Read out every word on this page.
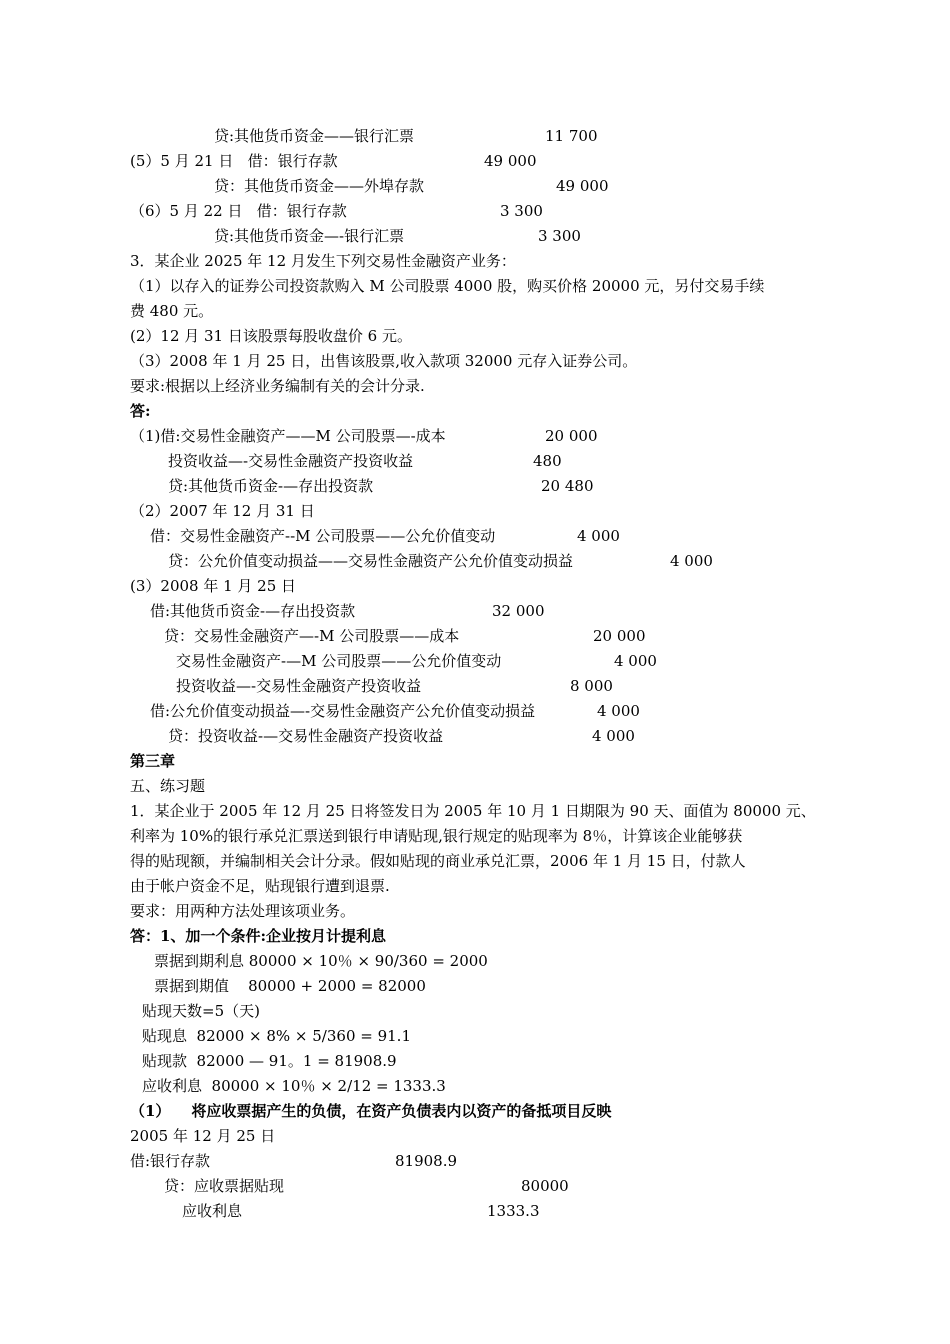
贷:其他货币资金——银行汇票	11 700
(5）5 月 21 日   借：银行存款	49 000
贷：其他货币资金——外埠存款	49 000
（6）5 月 22 日   借：银行存款	3 300
贷:其他货币资金—-银行汇票	3 300
3．某企业 2025 年 12 月发生下列交易性金融资产业务：
（1）以存入的证券公司投资款购入 M 公司股票 4000 股，购买价格 20000 元，另付交易手续
费 480 元。
(2）12 月 31 日该股票每股收盘价 6 元。
（3）2008 年 1 月 25 日，出售该股票,收入款项 32000 元存入证券公司。
要求:根据以上经济业务编制有关的会计分录.
答:
（1)借:交易性金融资产——M 公司股票—-成本	20 000
投资收益—-交易性金融资产投资收益	480
贷:其他货币资金-—存出投资款	20 480
（2）2007 年 12 月 31 日
借：交易性金融资产--M 公司股票——公允价值变动	4 000
贷：公允价值变动损益——交易性金融资产公允价值变动损益	4 000
(3）2008 年 1 月 25 日
借:其他货币资金-—存出投资款	32 000
贷：交易性金融资产—-M 公司股票——成本	20 000
交易性金融资产-—M 公司股票——公允价值变动	4 000
投资收益—-交易性金融资产投资收益	8 000
借:公允价值变动损益—-交易性金融资产公允价值变动损益	4 000
贷：投资收益-—交易性金融资产投资收益	4 000
第三章
五、练习题
1．某企业于 2005 年 12 月 25 日将签发日为 2005 年 10 月 1 日期限为 90 天、面值为 80000 元、
利率为 10%的银行承兑汇票送到银行申请贴现,银行规定的贴现率为 8％，计算该企业能够获
得的贴现额，并编制相关会计分录。假如贴现的商业承兑汇票，2006 年 1 月 15 日，付款人
由于帐户资金不足，贴现银行遭到退票.
要求：用两种方法处理该项业务。
答：1、加一个条件:企业按月计提利息
票据到期利息 80000 × 10％ × 90/360 = 2000
票据到期值    80000 + 2000 = 82000
贴现天数=5（天)
贴现息  82000 × 8% × 5/360 = 91.1
贴现款  82000 — 91。1 = 81908.9
应收利息  80000 × 10％ × 2/12 = 1333.3
（1）    将应收票据产生的负债，在资产负债表内以资产的备抵项目反映
2005 年 12 月 25 日
借:银行存款	81908.9
贷：应收票据贴现	80000
应收利息	1333.3
